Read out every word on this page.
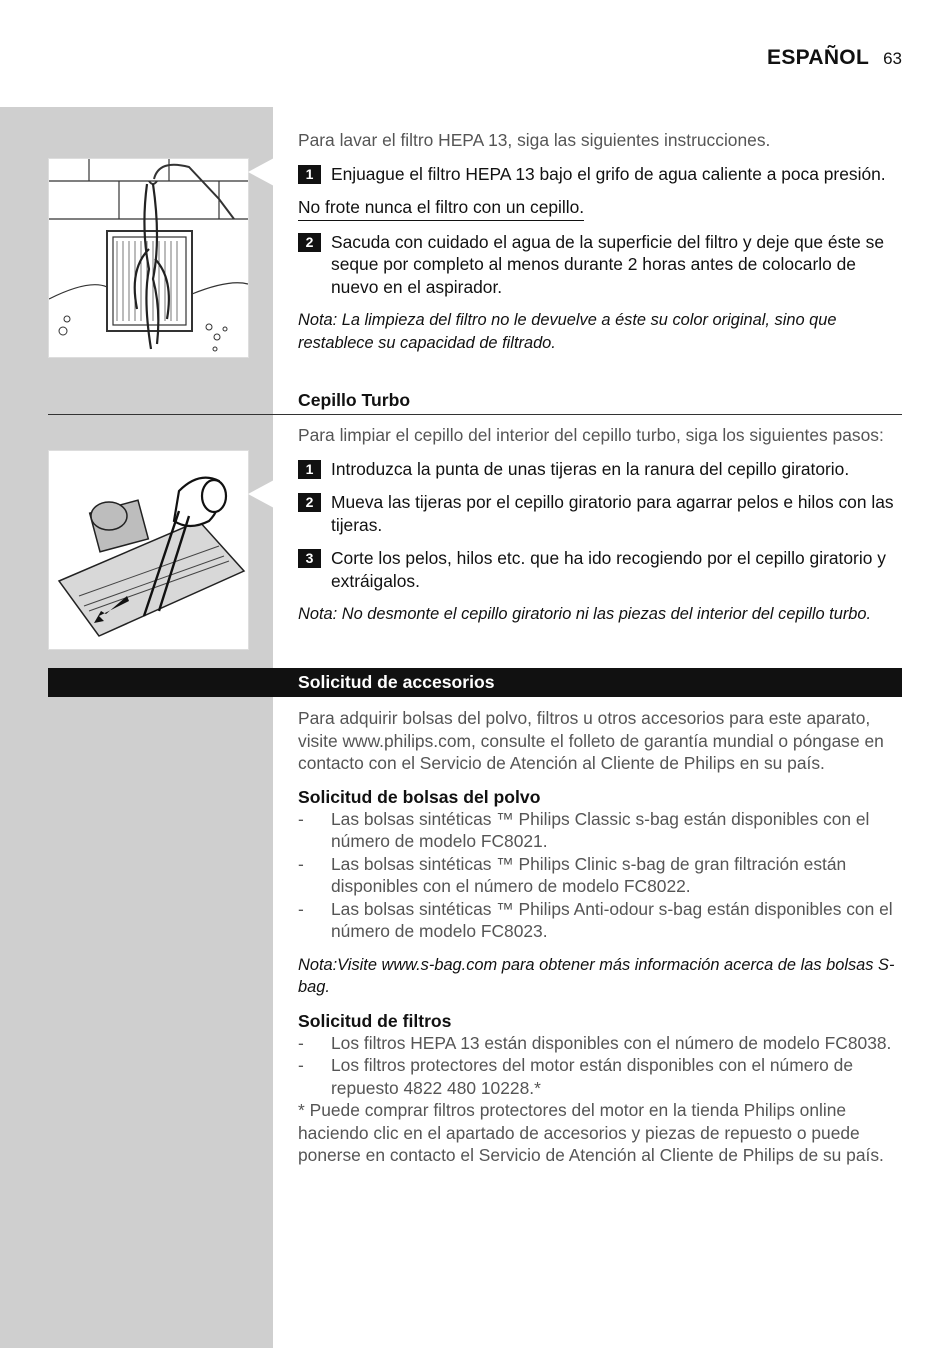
ESPAÑOL 63

Para lavar el filtro HEPA 13, siga las siguientes instrucciones.

1	Enjuague el filtro HEPA 13 bajo el grifo de agua caliente a poca presión.

No frote nunca el filtro con un cepillo.

2	Sacuda con cuidado el agua de la superficie del filtro y deje que éste se seque por completo al menos durante 2 horas antes de colocarlo de nuevo en el aspirador.

Nota: La limpieza del filtro no le devuelve a éste su color original, sino que restablece su capacidad de filtrado.

Cepillo Turbo

Para limpiar el cepillo del interior del cepillo turbo, siga los siguientes pasos:

1	Introduzca la punta de unas tijeras en la ranura del cepillo giratorio.

2	Mueva las tijeras por el cepillo giratorio para agarrar pelos e hilos con las tijeras.

3	Corte los pelos, hilos etc. que ha ido recogiendo por el cepillo giratorio y extráigalos.

Nota: No desmonte el cepillo giratorio ni las piezas del interior del cepillo turbo.

Solicitud de accesorios

Para adquirir bolsas del polvo, filtros u otros accesorios para este aparato, visite www.philips.com, consulte el folleto de garantía mundial o póngase en contacto con el Servicio de Atención al Cliente de Philips en su país.

Solicitud de bolsas del polvo

- Las bolsas sintéticas ™ Philips Classic s-bag están disponibles con el número de modelo FC8021.

- Las bolsas sintéticas ™ Philips Clinic s-bag de gran filtración están disponibles con el número de modelo FC8022.

- Las bolsas sintéticas ™ Philips Anti-odour s-bag están disponibles con el número de modelo FC8023.

Nota:Visite www.s-bag.com para obtener más información acerca de las bolsas S-bag.

Solicitud de filtros

- Los filtros HEPA 13 están disponibles con el número de modelo FC8038.

- Los filtros protectores del motor están disponibles con el número de repuesto 4822 480 10228.*

* Puede comprar filtros protectores del motor en la tienda Philips online haciendo clic en el apartado de accesorios y piezas de repuesto o puede ponerse en contacto el Servicio de Atención al Cliente de Philips de su país.
